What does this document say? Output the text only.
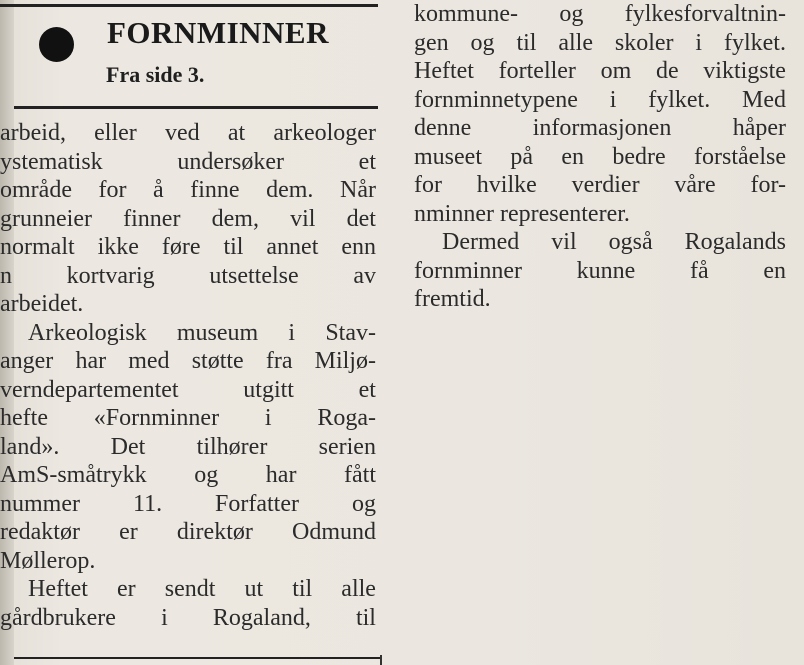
FORNMINNER
Fra side 3.
arbeid, eller ved at arkeologer
ystematisk	undersøker	et
område for å finne dem. Når
grunneier finner dem, vil det
normalt ikke føre til annet enn
n kortvarig utsettelse av
arbeidet.
Arkeologisk museum i Stav-
anger har med støtte fra Miljø-
verndepartementet	utgitt	et
hefte «Fornminner i Roga-
land». Det tilhører serien
AmS-småtrykk og har fått
nummer 11. Forfatter og
redaktør er direktør Odmund
Møllerop.
Heftet er sendt ut til alle
gårdbrukere i Rogaland, til
kommune- og fylkesforvaltnin-
gen og til alle skoler i fylket.
Heftet forteller om de viktigste
fornminnetypene i fylket. Med
denne	informasjonen	håper
museet på en bedre forståelse
for hvilke verdier våre for-
nminner representerer.
Dermed vil også Rogalands
fornminner kunne få en
fremtid.
